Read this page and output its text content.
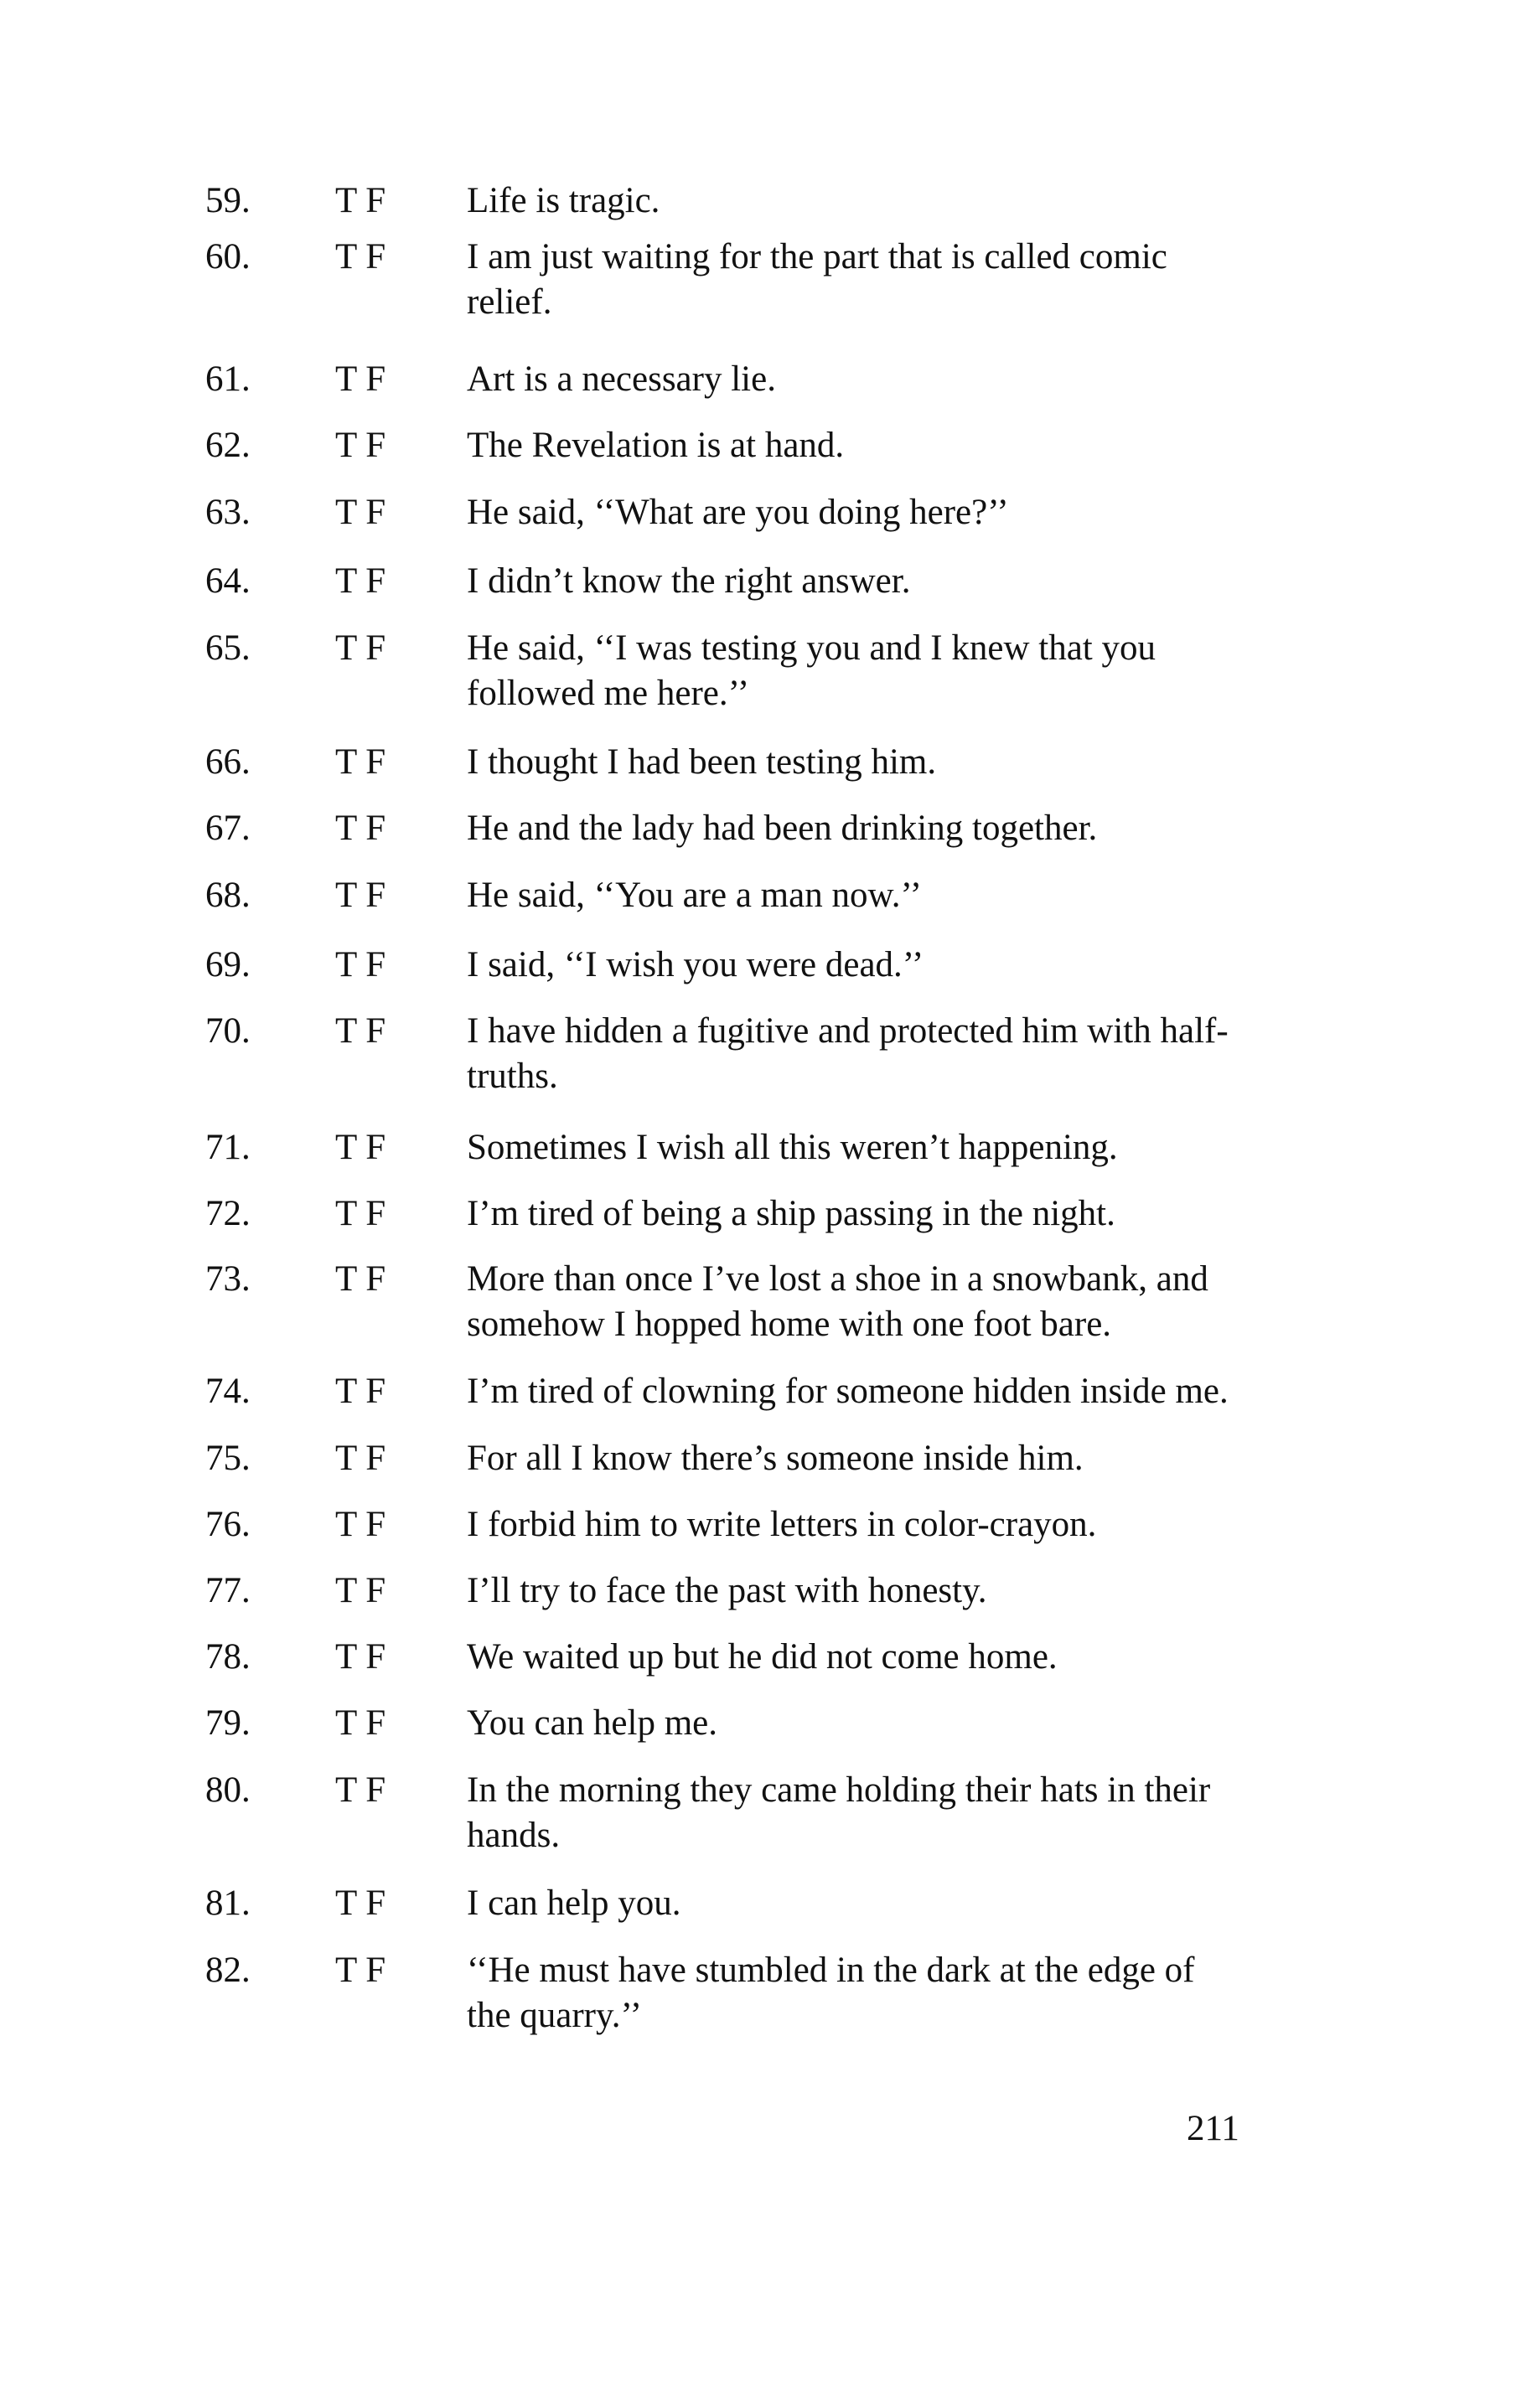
59. T F Life is tragic.
60. T F I am just waiting for the part that is called comic
relief.
61. T F Art is a necessary lie.
62. T F The Revelation is at hand.
63. T F He said, ‘‘What are you doing here?’’
64. T F I didn’t know the right answer.
65. T F He said, ‘‘I was testing you and I knew that you
followed me here.’’
66. T F I thought I had been testing him.
67. T F He and the lady had been drinking together.
68. T F He said, ‘‘You are a man now.’’
69. T F I said, ‘‘I wish you were dead.’’
70. T F I have hidden a fugitive and protected him with half-
truths.
71. T F Sometimes I wish all this weren’t happening.
72. T F I’m tired of being a ship passing in the night.
73. T F More than once I’ve lost a shoe in a snowbank, and
somehow I hopped home with one foot bare.
74. T F I’m tired of clowning for someone hidden inside me.
75. T F For all I know there’s someone inside him.
76. T F I forbid him to write letters in color-crayon.
77. T F I’ll try to face the past with honesty.
78. T F We waited up but he did not come home.
79. T F You can help me.
80. T F In the morning they came holding their hats in their
hands.
81. T F I can help you.
82. T F ‘‘He must have stumbled in the dark at the edge of
the quarry.’’
211
